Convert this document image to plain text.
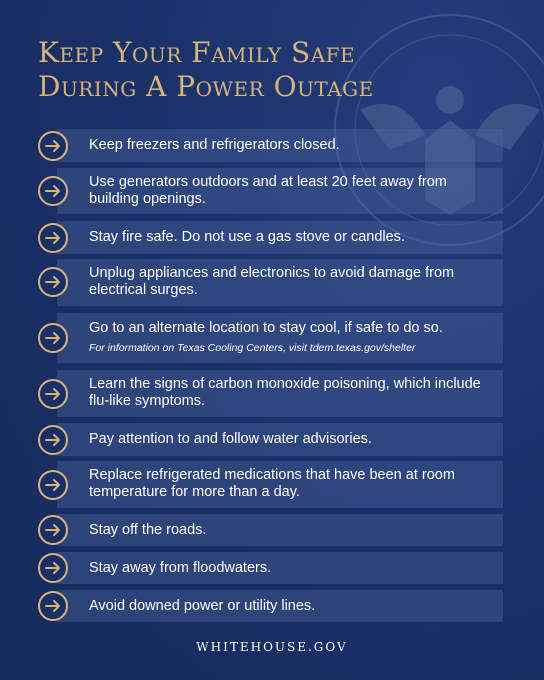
Keep Your Family Safe
During A Power Outage
Keep freezers and refrigerators closed.
Use generators outdoors and at least 20 feet away from building openings.
Stay fire safe. Do not use a gas stove or candles.
Unplug appliances and electronics to avoid damage from electrical surges.
Go to an alternate location to stay cool, if safe to do so.
For information on Texas Cooling Centers, visit tdem.texas.gov/shelter
Learn the signs of carbon monoxide poisoning, which include flu-like symptoms.
Pay attention to and follow water advisories.
Replace refrigerated medications that have been at room temperature for more than a day.
Stay off the roads.
Stay away from floodwaters.
Avoid downed power or utility lines.
WHITEHOUSE.GOV
